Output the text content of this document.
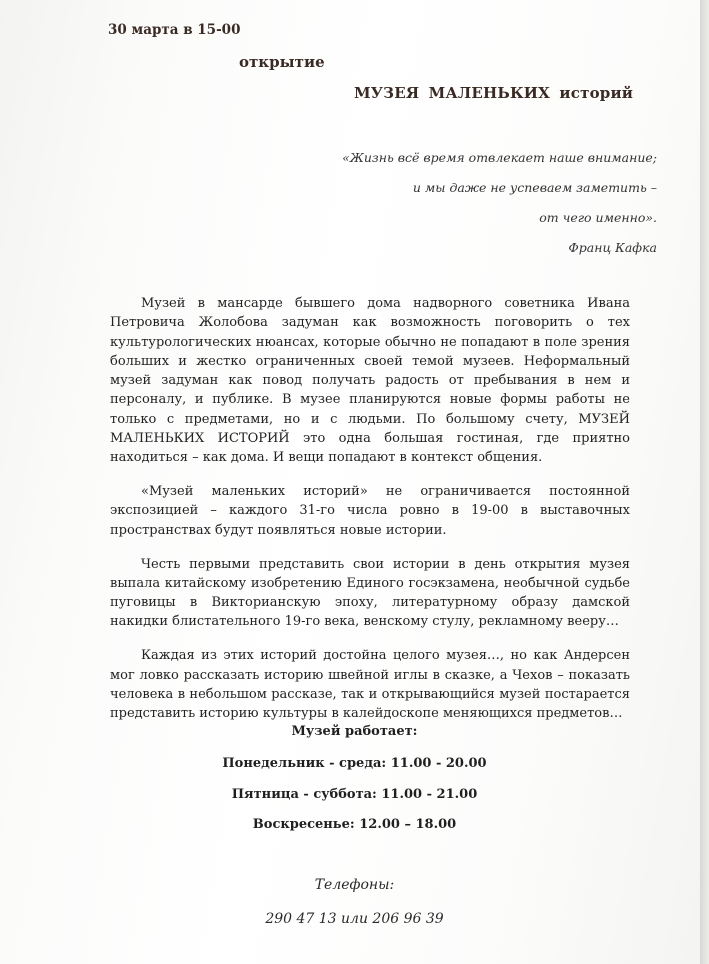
30 марта в 15-00
открытие
МУЗЕЯ МАЛЕНЬКИХ историй
«Жизнь всё время отвлекает наше внимание;
и мы даже не успеваем заметить –
от чего именно».
Франц Кафка

Музей в мансарде бывшего дома надворного советника Ивана Петровича Жолобова задуман как возможность поговорить о тех культурологических нюансах, которые обычно не попадают в поле зрения больших и жестко ограниченных своей темой музеев. Неформальный музей задуман как повод получать радость от пребывания в нем и персоналу, и публике. В музее планируются новые формы работы не только с предметами, но и с людьми. По большому счету, МУЗЕЙ МАЛЕНЬКИХ ИСТОРИЙ это одна большая гостиная, где приятно находиться – как дома. И вещи попадают в контекст общения.

«Музей маленьких историй» не ограничивается постоянной экспозицией – каждого 31-го числа ровно в 19-00 в выставочных пространствах будут появляться новые истории.

Честь первыми представить свои истории в день открытия музея выпала китайскому изобретению Единого госэкзамена, необычной судьбе пуговицы в Викторианскую эпоху, литературному образу дамской накидки блистательного 19-го века, венскому стулу, рекламному вееру…

Каждая из этих историй достойна целого музея…, но как Андерсен мог ловко рассказать историю швейной иглы в сказке, а Чехов – показать человека в небольшом рассказе, так и открывающийся музей постарается представить историю культуры в калейдоскопе меняющихся предметов…

Музей работает:
Понедельник - среда: 11.00 - 20.00
Пятница - суббота: 11.00 - 21.00
Воскресенье: 12.00 – 18.00
Телефоны:
290 47 13 или 206 96 39
